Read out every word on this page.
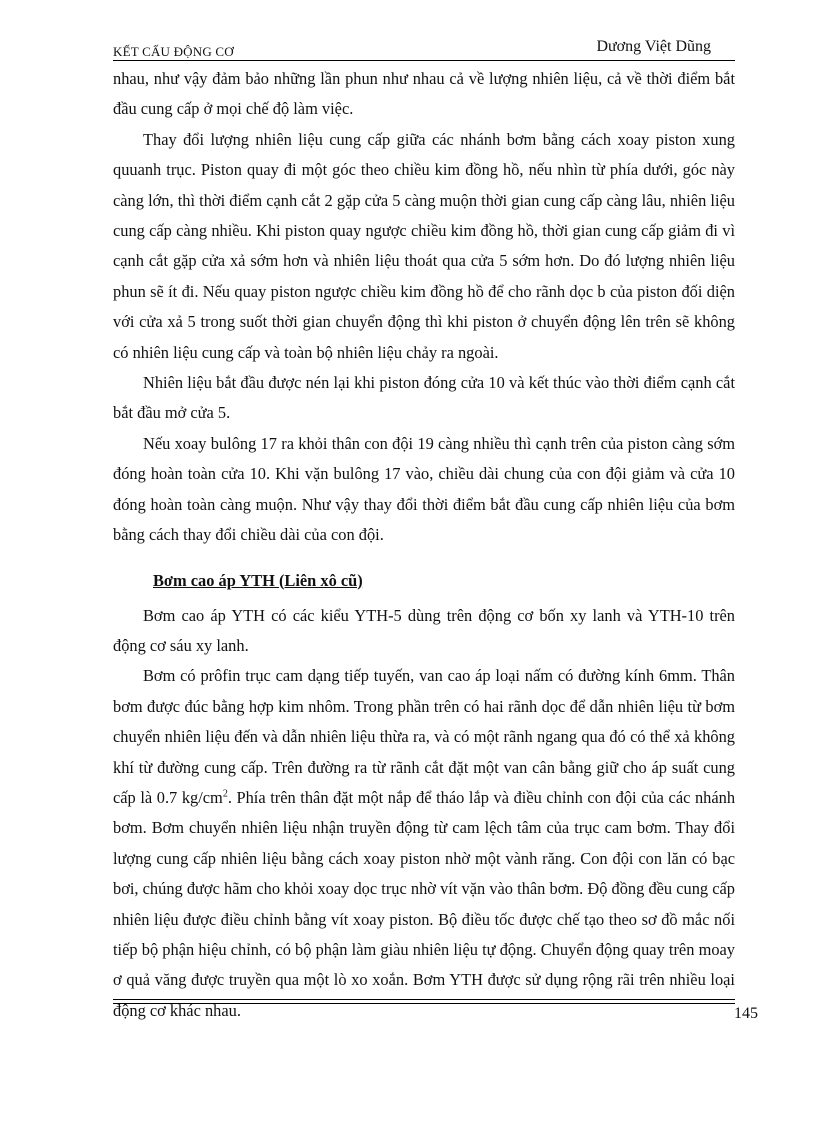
KẾT CẤU ĐỘNG CƠ	Dương Việt Dũng

nhau, như vậy đảm bảo những lần phun như nhau cả về lượng nhiên liệu, cả về thời điểm bắt đầu cung cấp ở mọi chế độ làm việc.

Thay đổi lượng nhiên liệu cung cấp giữa các nhánh bơm bằng cách xoay piston xung quuanh trục. Piston quay đi một góc theo chiều kim đồng hồ, nếu nhìn từ phía dưới, góc này càng lớn, thì thời điểm cạnh cắt 2 gặp cửa 5 càng muộn thời gian cung cấp càng lâu, nhiên liệu cung cấp càng nhiều. Khi piston quay ngược chiều kim đồng hồ, thời gian cung cấp giảm đi vì cạnh cắt gặp cửa xả sớm hơn và nhiên liệu thoát qua cửa 5 sớm hơn. Do đó lượng nhiên liệu phun sẽ ít đi. Nếu quay piston ngược chiều kim đồng hồ để cho rãnh dọc b của piston đối diện với cửa xả 5 trong suốt thời gian chuyển động thì khi piston ở chuyển động lên trên sẽ không có nhiên liệu cung cấp và toàn bộ nhiên liệu chảy ra ngoài.

Nhiên liệu bắt đầu được nén lại khi piston đóng cửa 10 và kết thúc vào thời điểm cạnh cắt bắt đầu mở cửa 5.

Nếu xoay bulông 17 ra khỏi thân con đội 19 càng nhiều thì cạnh trên của piston càng sớm đóng hoàn toàn cửa 10. Khi vặn bulông 17 vào, chiều dài chung của con đội giảm và cửa 10 đóng hoàn toàn càng muộn. Như vậy thay đổi thời điểm bắt đầu cung cấp nhiên liệu của bơm bằng cách thay đổi chiều dài của con đội.

Bơm cao áp YTH (Liên xô cũ)

Bơm cao áp YTH có các kiểu YTH-5 dùng trên động cơ bốn xy lanh và YTH-10 trên động cơ sáu xy lanh.

Bơm có prôfin trục cam dạng tiếp tuyến, van cao áp loại nấm có đường kính 6mm. Thân bơm được đúc bằng hợp kim nhôm. Trong phần trên có hai rãnh dọc để dẫn nhiên liệu từ bơm chuyển nhiên liệu đến và dẫn nhiên liệu thừa ra, và có một rãnh ngang qua đó có thể xả không khí từ đường cung cấp. Trên đường ra từ rãnh cắt đặt một van cân bằng giữ cho áp suất cung cấp là 0.7 $kg/cm^2$. Phía trên thân đặt một nắp để tháo lắp và điều chỉnh con đội của các nhánh bơm. Bơm chuyển nhiên liệu nhận truyền động từ cam lệch tâm của trục cam bơm. Thay đổi lượng cung cấp nhiên liệu bằng cách xoay piston nhờ một vành răng. Con đội con lăn có bạc bơi, chúng được hãm cho khỏi xoay dọc trục nhờ vít vặn vào thân bơm. Độ đồng đều cung cấp nhiên liệu được điều chỉnh bằng vít xoay piston. Bộ điều tốc được chế tạo theo sơ đồ mắc nối tiếp bộ phận hiệu chỉnh, có bộ phận làm giàu nhiên liệu tự động. Chuyển động quay trên moay ơ quả văng được truyền qua một lò xo xoắn. Bơm YTH được sử dụng rộng rãi trên nhiều loại động cơ khác nhau.	145
